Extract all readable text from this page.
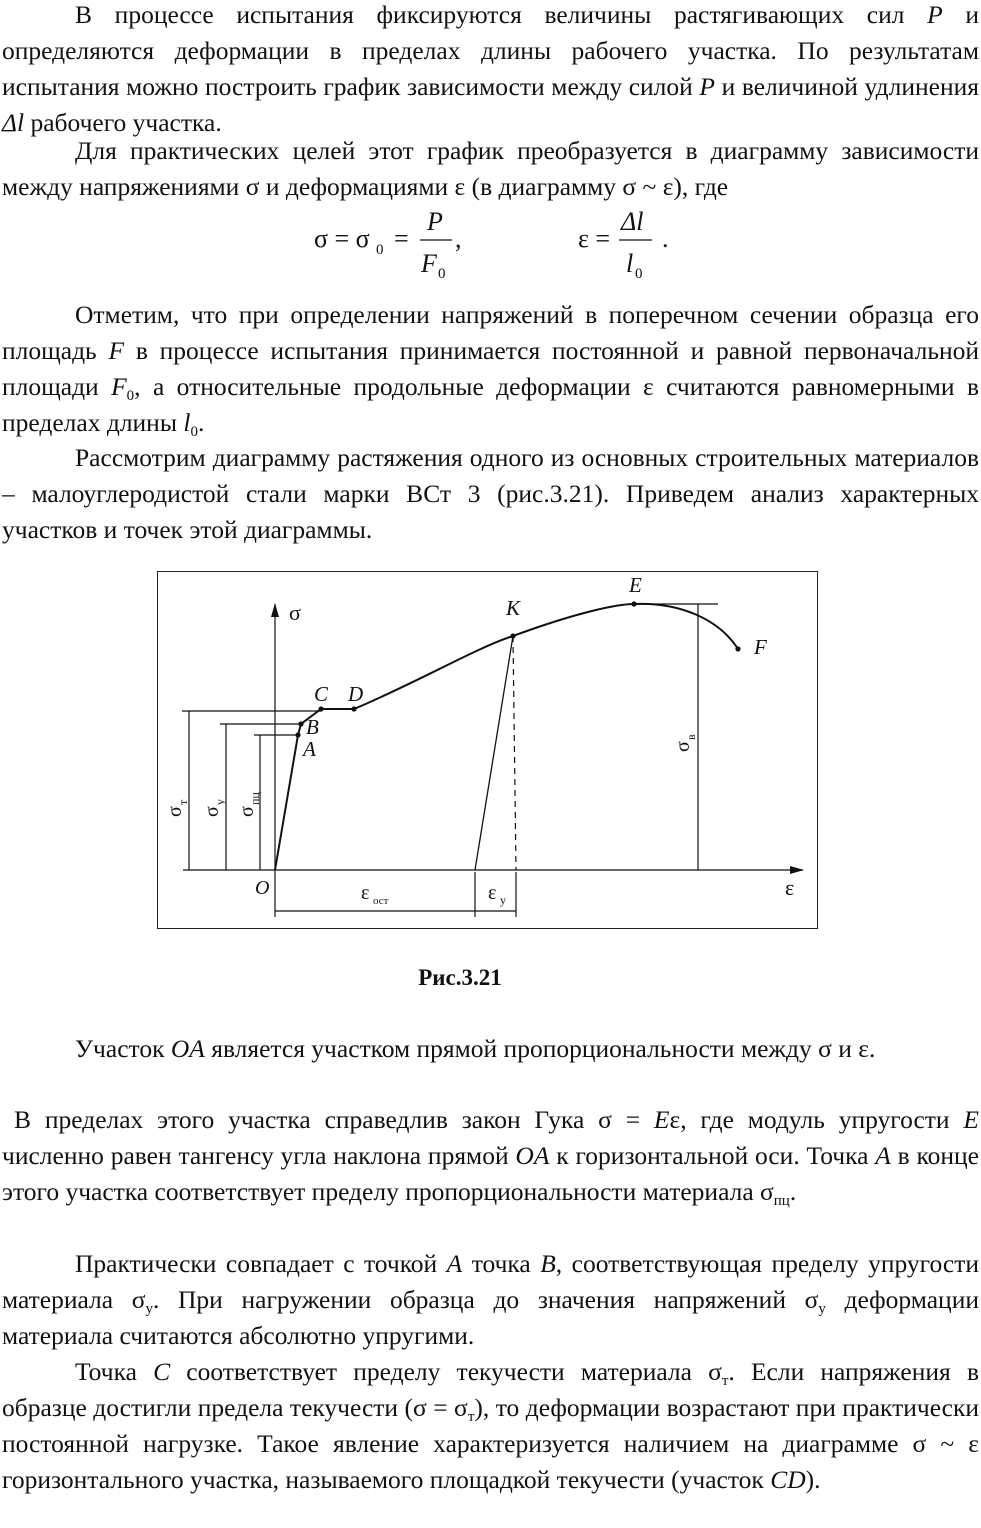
В процессе испытания фиксируются величины растягивающих сил P и определяются деформации в пределах длины рабочего участка. По результатам испытания можно построить график зависимости между силой P и величиной удлинения Δl рабочего участка.

Для практических целей этот график преобразуется в диаграмму зависимости между напряжениями σ и деформациями ε (в диаграмму σ ~ ε), где

σ = σ 0 =
P
F 0
,	ε =
Δl
l 0
.

Отметим, что при определении напряжений в поперечном сечении образца его площадь F в процессе испытания принимается постоянной и равной первоначальной площади $F_0$, а относительные продольные деформации ε считаются равномерными в пределах длины $l_0$.

Рассмотрим диаграмму растяжения одного из основных строительных материалов – малоуглеродистой стали марки ВСт 3 (рис.3.21). Приведем анализ характерных участков и точек этой диаграммы.

σ
ε
O
A
B
C D
K
E
F
σ
т
σ
у
σ
пц
σ
в
ε ост	ε у
Рис.3.21

Участок OA является участком прямой пропорциональности между σ и ε.

В пределах этого участка справедлив закон Гука σ = Eε, где модуль упругости E численно равен тангенсу угла наклона прямой OA к горизонтальной оси. Точка A в конце этого участка соответствует пределу пропорциональности материала $\sigma_{пц}$.

Практически совпадает с точкой A точка B, соответствующая пределу упругости материала $\sigma_у$. При нагружении образца до значения напряжений $\sigma_у$ деформации материала считаются абсолютно упругими.

Точка C соответствует пределу текучести материала $\sigma_т$. Если напряжения в образце достигли предела текучести $(\sigma = \sigma_т)$, то деформации возрастают при практически постоянной нагрузке. Такое явление характеризуется наличием на диаграмме σ ~ ε горизонтального участка, называемого площадкой текучести (участок CD).
